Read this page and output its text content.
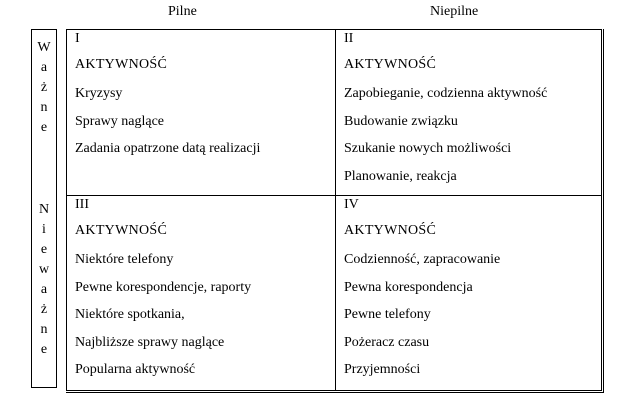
Pilne	Niepilne
W
a
ż
n
e
N
i
e
w
a
ż
n
e
I
AKTYWNOŚĆ
Kryzysy
Sprawy naglące
Zadania opatrzone datą realizacji
II
AKTYWNOŚĆ
Zapobieganie, codzienna aktywność
Budowanie związku
Szukanie nowych możliwości
Planowanie, reakcja
III
AKTYWNOŚĆ
Niektóre telefony
Pewne korespondencje, raporty
Niektóre spotkania,
Najbliższe sprawy naglące
Popularna aktywność
IV
AKTYWNOŚĆ
Codzienność, zapracowanie
Pewna korespondencja
Pewne telefony
Pożeracz czasu
Przyjemności
